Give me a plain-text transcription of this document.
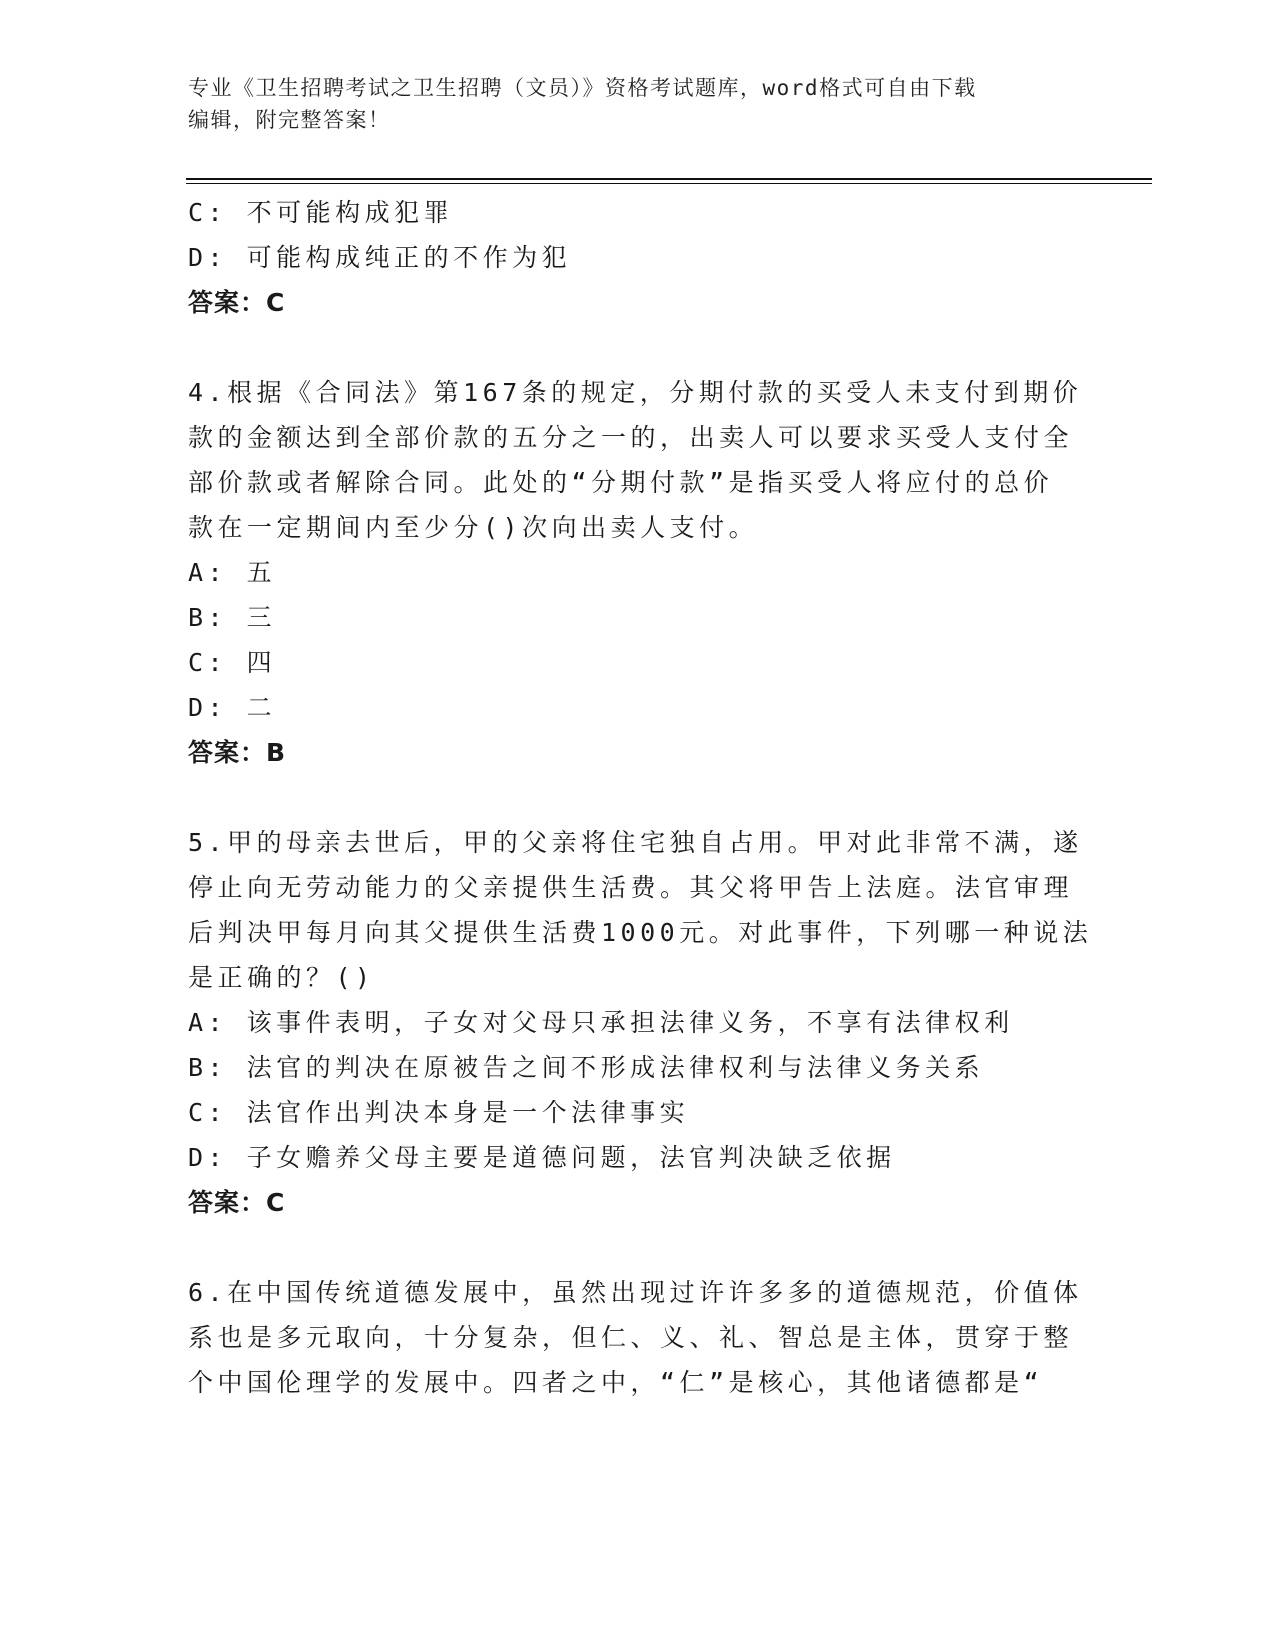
专业《卫生招聘考试之卫生招聘（文员）》资格考试题库，word格式可自由下载
编辑，附完整答案！
C: 不可能构成犯罪
D: 可能构成纯正的不作为犯
答案：C
4.根据《合同法》第167条的规定，分期付款的买受人未支付到期价
款的金额达到全部价款的五分之一的，出卖人可以要求买受人支付全
部价款或者解除合同。此处的“分期付款”是指买受人将应付的总价
款在一定期间内至少分()次向出卖人支付。
A: 五
B: 三
C: 四
D: 二
答案：B
5.甲的母亲去世后，甲的父亲将住宅独自占用。甲对此非常不满，遂
停止向无劳动能力的父亲提供生活费。其父将甲告上法庭。法官审理
后判决甲每月向其父提供生活费1000元。对此事件，下列哪一种说法
是正确的？()
A: 该事件表明，子女对父母只承担法律义务，不享有法律权利
B: 法官的判决在原被告之间不形成法律权利与法律义务关系
C: 法官作出判决本身是一个法律事实
D: 子女赡养父母主要是道德问题，法官判决缺乏依据
答案：C
6.在中国传统道德发展中，虽然出现过许许多多的道德规范，价值体
系也是多元取向，十分复杂，但仁、义、礼、智总是主体，贯穿于整
个中国伦理学的发展中。四者之中，“仁”是核心，其他诸德都是“
